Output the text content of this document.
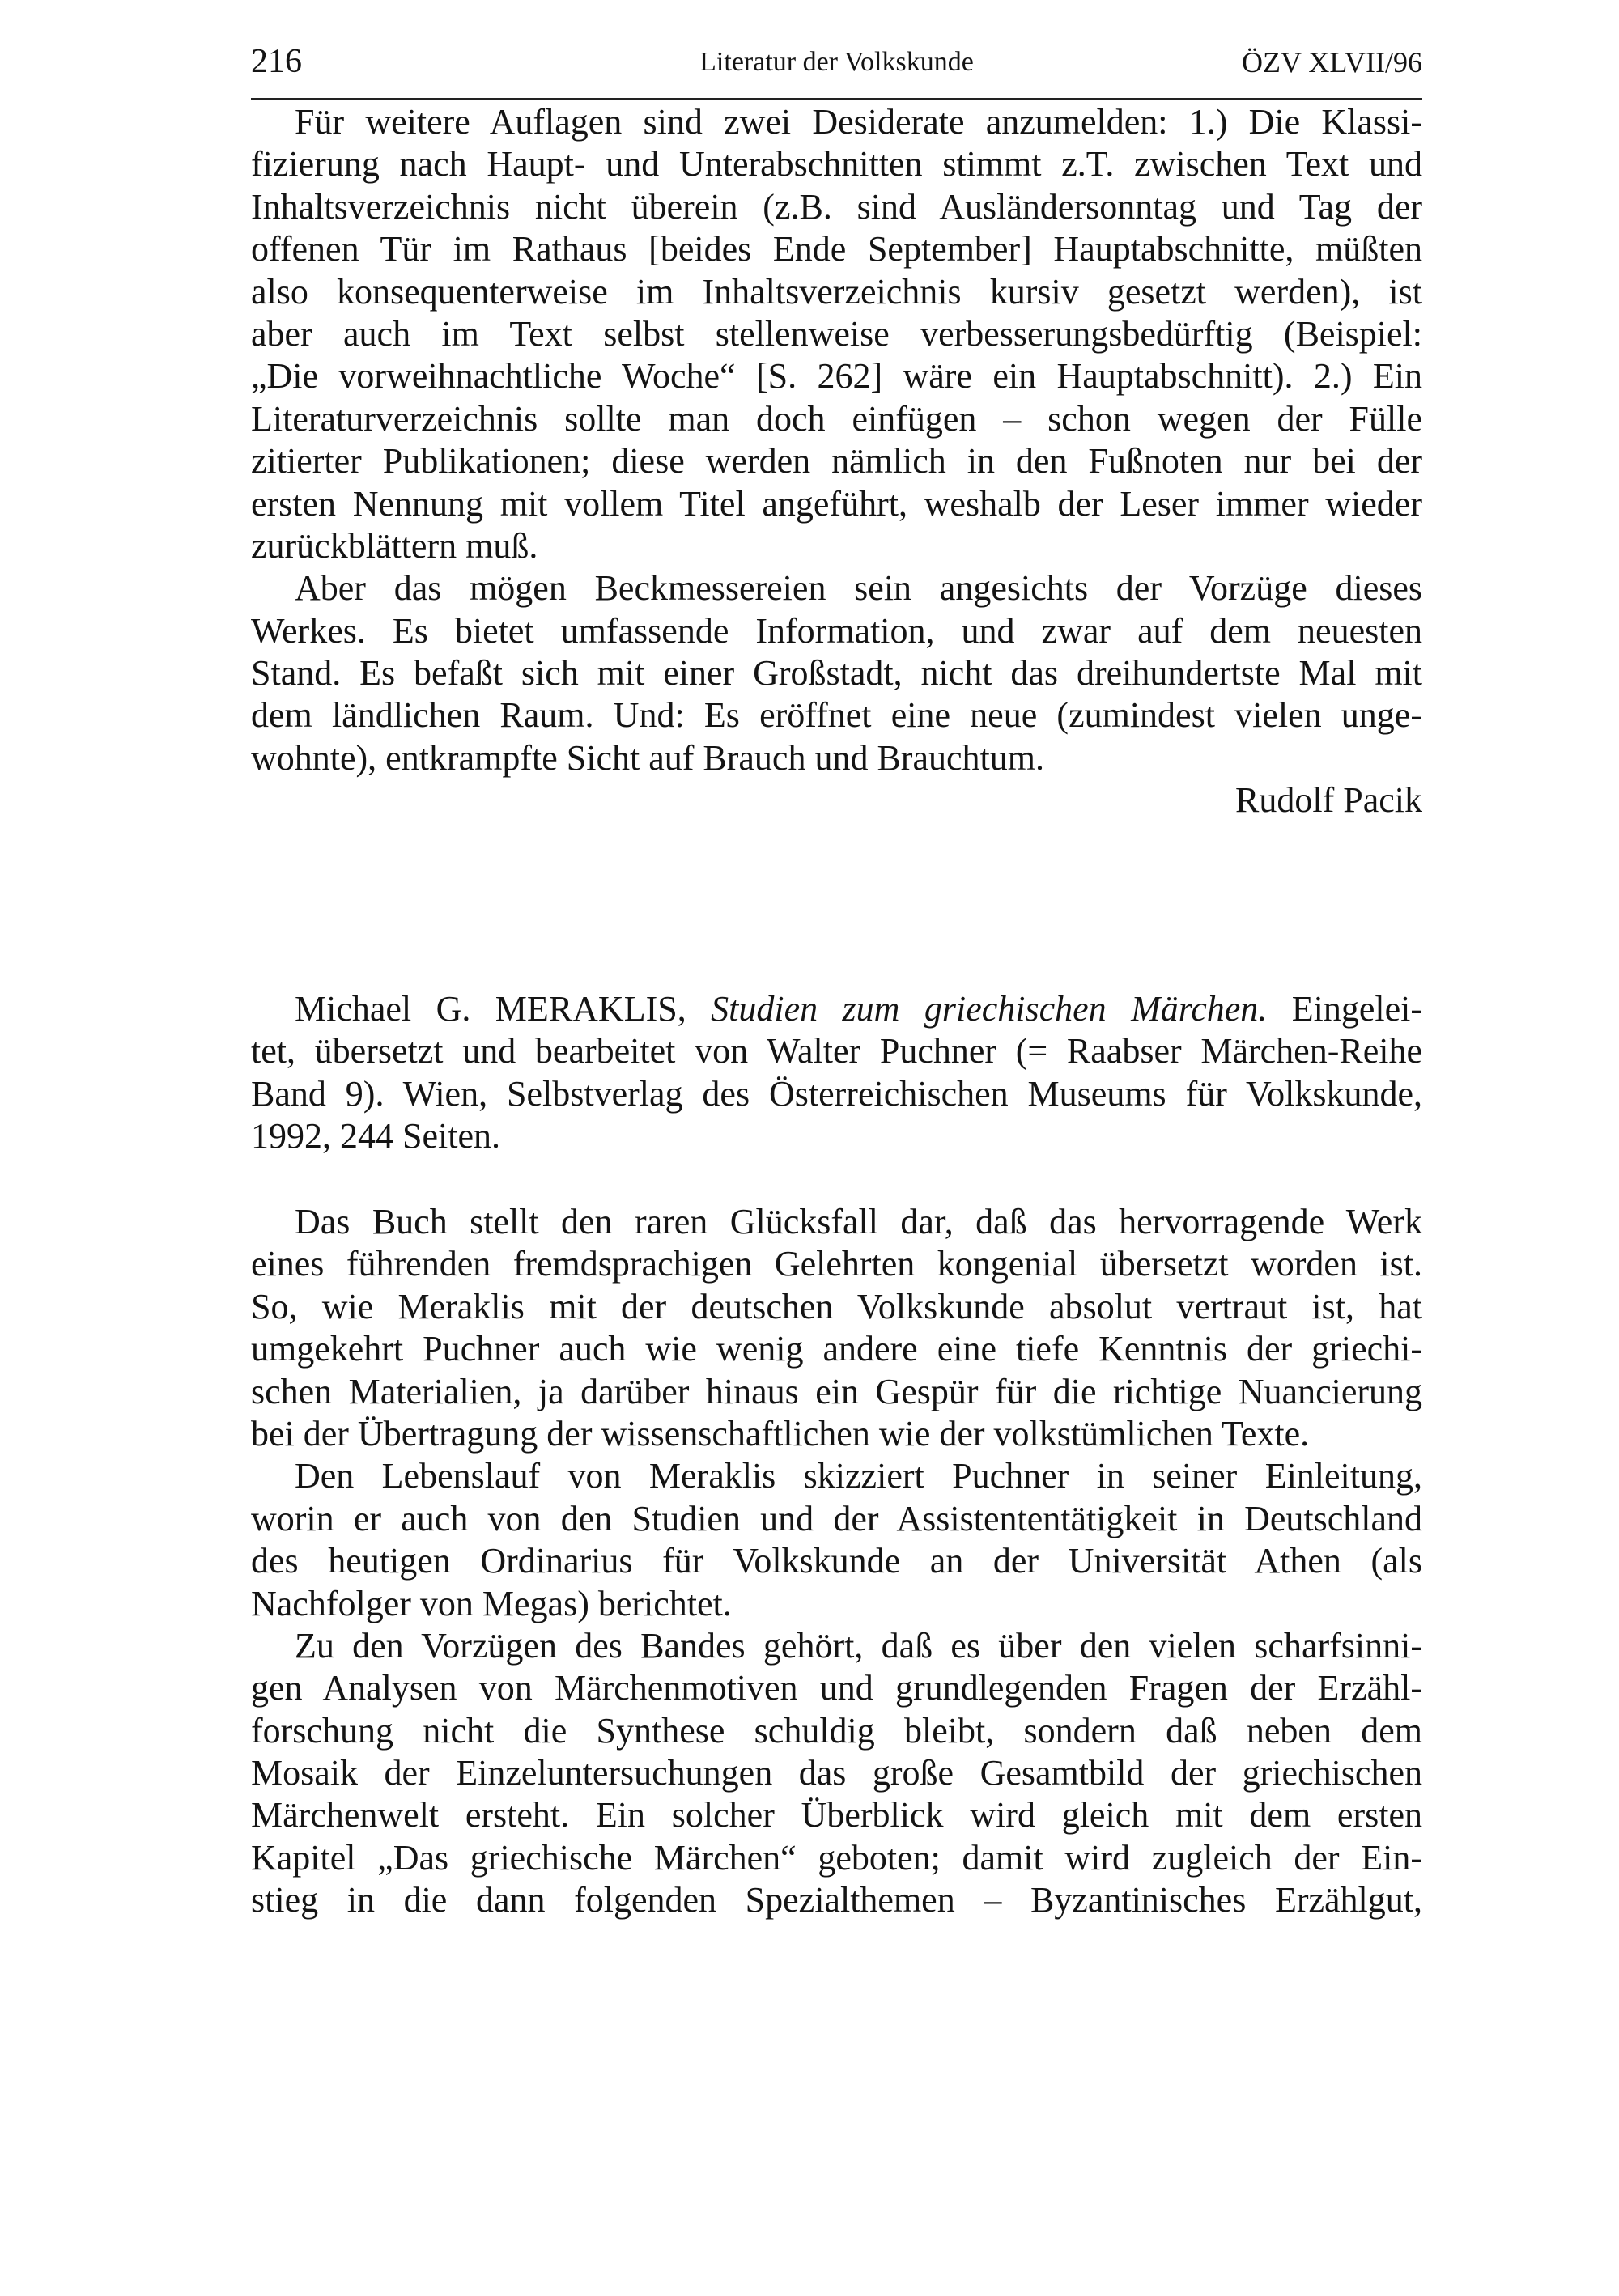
216	Literatur der Volkskunde	ÖZV XLVII/96
Für weitere Auflagen sind zwei Desiderate anzumelden: 1.) Die Klassi-
fizierung nach Haupt- und Unterabschnitten stimmt z.T. zwischen Text und
Inhaltsverzeichnis nicht überein (z.B. sind Ausländersonntag und Tag der
offenen Tür im Rathaus [beides Ende September] Hauptabschnitte, müßten
also konsequenterweise im Inhaltsverzeichnis kursiv gesetzt werden), ist
aber auch im Text selbst stellenweise verbesserungsbedürftig (Beispiel:
„Die vorweihnachtliche Woche“ [S. 262] wäre ein Hauptabschnitt). 2.) Ein
Literaturverzeichnis sollte man doch einfügen – schon wegen der Fülle
zitierter Publikationen; diese werden nämlich in den Fußnoten nur bei der
ersten Nennung mit vollem Titel angeführt, weshalb der Leser immer wieder
zurückblättern muß.
Aber das mögen Beckmessereien sein angesichts der Vorzüge dieses
Werkes. Es bietet umfassende Information, und zwar auf dem neuesten
Stand. Es befaßt sich mit einer Großstadt, nicht das dreihundertste Mal mit
dem ländlichen Raum. Und: Es eröffnet eine neue (zumindest vielen unge-
wohnte), entkrampfte Sicht auf Brauch und Brauchtum.
Rudolf Pacik
Michael G. MERAKLIS, Studien zum griechischen Märchen. Eingelei-
tet, übersetzt und bearbeitet von Walter Puchner (= Raabser Märchen-Reihe
Band 9). Wien, Selbstverlag des Österreichischen Museums für Volkskunde,
1992, 244 Seiten.
Das Buch stellt den raren Glücksfall dar, daß das hervorragende Werk
eines führenden fremdsprachigen Gelehrten kongenial übersetzt worden ist.
So, wie Meraklis mit der deutschen Volkskunde absolut vertraut ist, hat
umgekehrt Puchner auch wie wenig andere eine tiefe Kenntnis der griechi-
schen Materialien, ja darüber hinaus ein Gespür für die richtige Nuancierung
bei der Übertragung der wissenschaftlichen wie der volkstümlichen Texte.
Den Lebenslauf von Meraklis skizziert Puchner in seiner Einleitung,
worin er auch von den Studien und der Assistententätigkeit in Deutschland
des heutigen Ordinarius für Volkskunde an der Universität Athen (als
Nachfolger von Megas) berichtet.
Zu den Vorzügen des Bandes gehört, daß es über den vielen scharfsinni-
gen Analysen von Märchenmotiven und grundlegenden Fragen der Erzähl-
forschung nicht die Synthese schuldig bleibt, sondern daß neben dem
Mosaik der Einzeluntersuchungen das große Gesamtbild der griechischen
Märchenwelt ersteht. Ein solcher Überblick wird gleich mit dem ersten
Kapitel „Das griechische Märchen“ geboten; damit wird zugleich der Ein-
stieg in die dann folgenden Spezialthemen – Byzantinisches Erzählgut,
